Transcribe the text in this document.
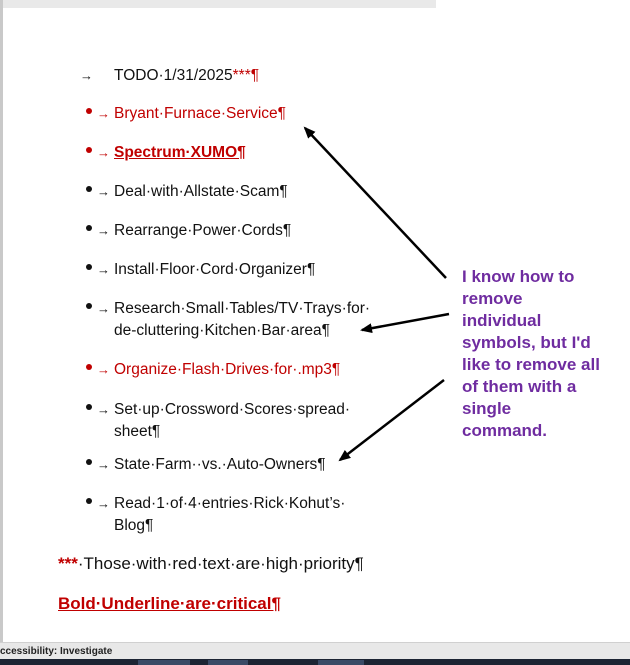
→ TODO·1/31/2025***¶
→ Bryant·Furnace·Service¶
→ Spectrum·XUMO¶
→ Deal·with·Allstate·Scam¶
→ Rearrange·Power·Cords¶
→ Install·Floor·Cord·Organizer¶
→ Research·Small·Tables/TV·Trays·for·
de-cluttering·Kitchen·Bar·area¶
→ Organize·Flash·Drives·for·.mp3¶
→ Set·up·Crossword·Scores·spread·
sheet¶
→ State·Farm··vs.·Auto-Owners¶
→ Read·1·of·4·entries·Rick·Kohut’s·
Blog¶
***·Those·with·red·text·are·high·priority¶
Bold·Underline·are·critical¶
I know how to
remove
individual
symbols, but I'd
like to remove all
of them with a
single
command.
ccessibility: Investigate
